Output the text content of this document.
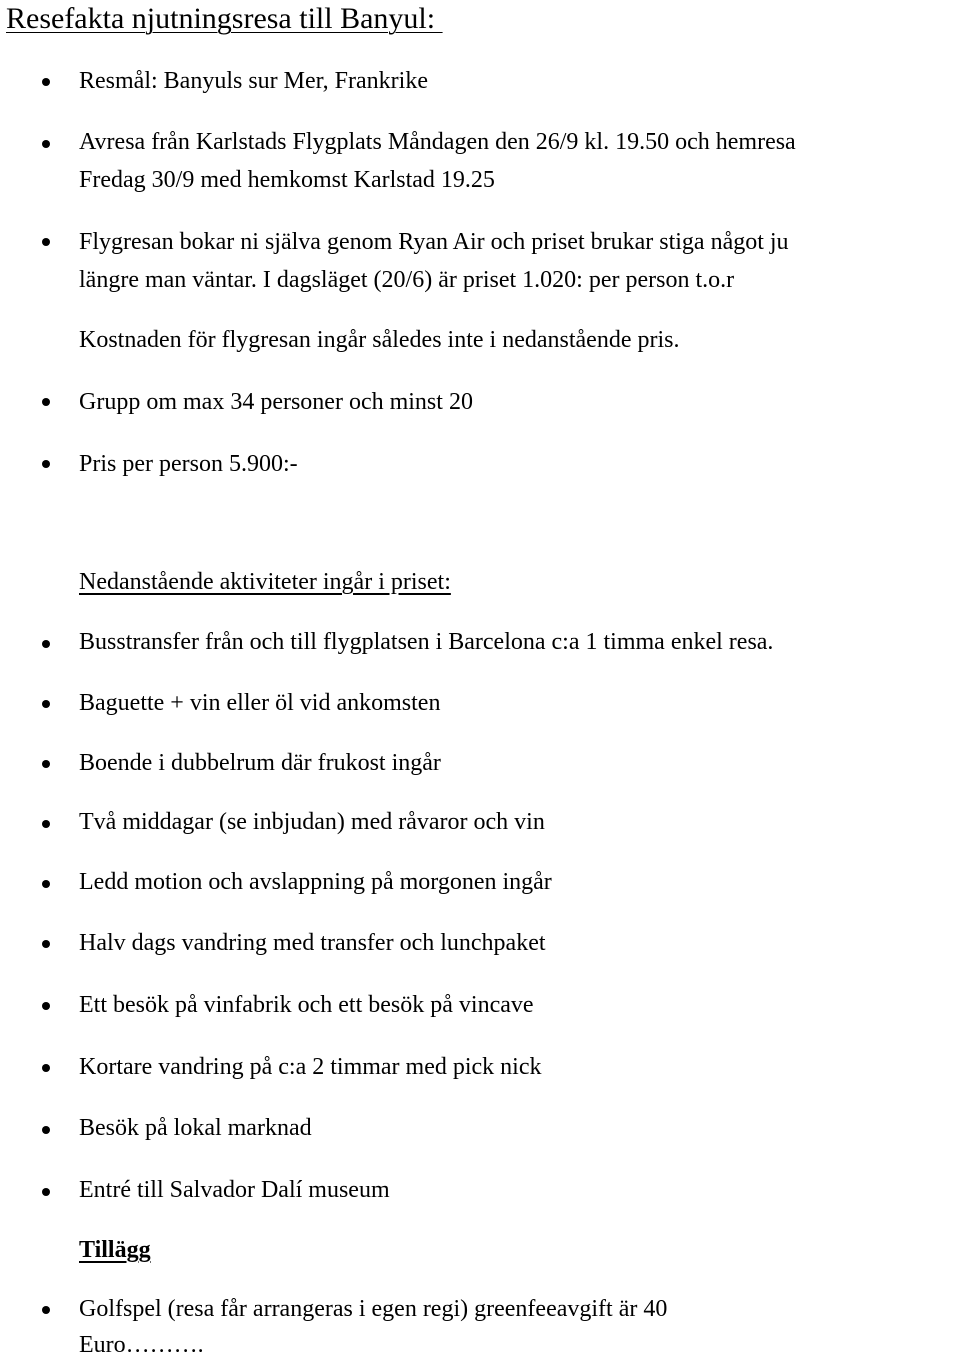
Resefakta njutningsresa till Banyul:
Resmål: Banyuls sur Mer, Frankrike
Avresa från Karlstads Flygplats Måndagen den 26/9 kl. 19.50 och hemresa
Fredag 30/9 med hemkomst Karlstad 19.25
Flygresan bokar ni själva genom Ryan Air och priset brukar stiga något ju
längre man väntar. I dagsläget (20/6) är priset 1.020: per person t.o.r
Kostnaden för flygresan ingår således inte i nedanstående pris.
Grupp om max 34 personer och minst 20
Pris per person 5.900:-
Nedanstående aktiviteter ingår i priset:
Busstransfer från och till flygplatsen i Barcelona c:a 1 timma enkel resa.
Baguette + vin eller öl vid ankomsten
Boende i dubbelrum där frukost ingår
Två middagar (se inbjudan) med råvaror och vin
Ledd motion och avslappning på morgonen ingår
Halv dags vandring med transfer och lunchpaket
Ett besök på vinfabrik och ett besök på vincave
Kortare vandring på c:a 2 timmar med pick nick
Besök på lokal marknad
Entré till Salvador Dalí museum
Tillägg
Golfspel (resa får arrangeras i egen regi) greenfeeavgift är 40
Euro……….
